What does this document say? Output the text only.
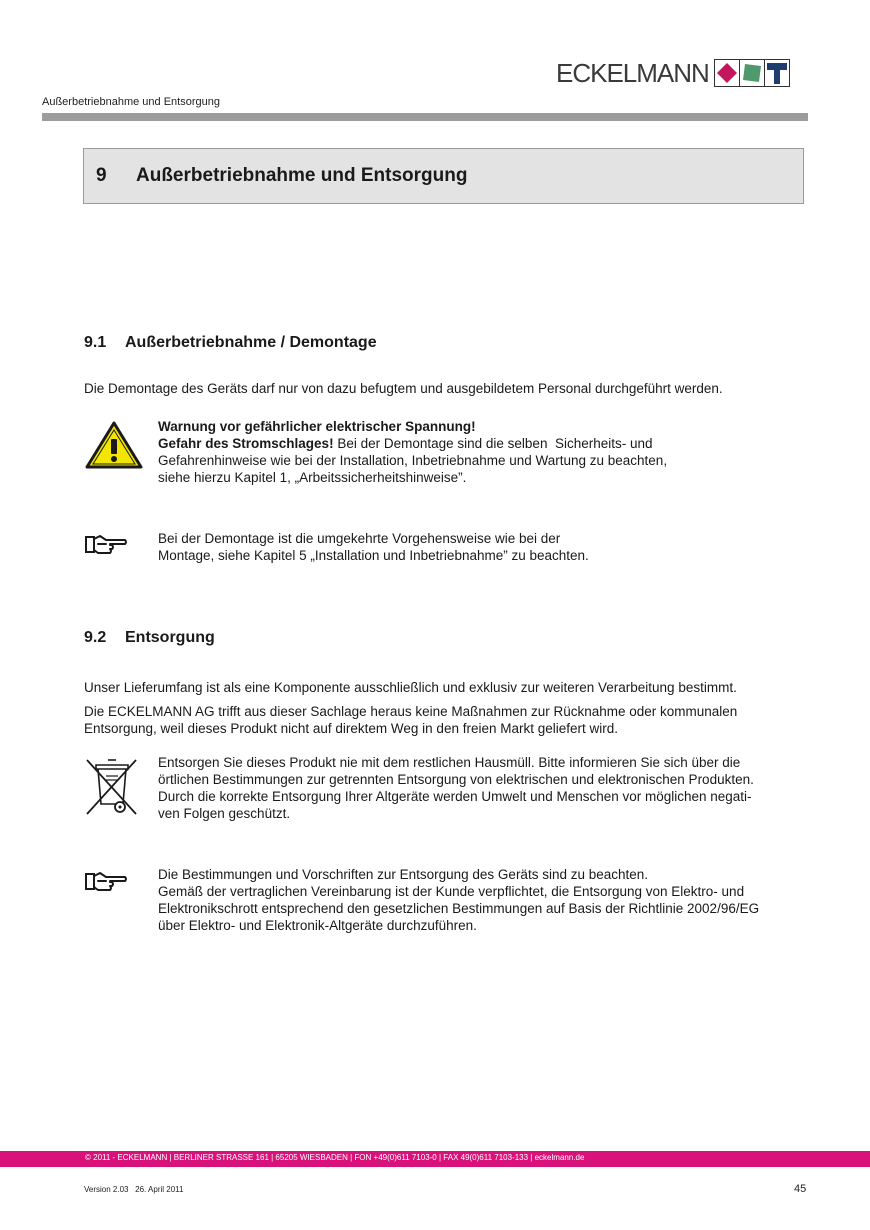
ECKELMANN
Außerbetriebnahme und Entsorgung
9 Außerbetriebnahme und Entsorgung
9.1 Außerbetriebnahme / Demontage
Die Demontage des Geräts darf nur von dazu befugtem und ausgebildetem Personal durchgeführt werden.
Warnung vor gefährlicher elektrischer Spannung!
Gefahr des Stromschlages! Bei der Demontage sind die selben  Sicherheits- und
Gefahrenhinweise wie bei der Installation, Inbetriebnahme und Wartung zu beachten,
siehe hierzu Kapitel 1, „Arbeitssicherheitshinweise”.
Bei der Demontage ist die umgekehrte Vorgehensweise wie bei der
Montage, siehe Kapitel 5 „Installation und Inbetriebnahme” zu beachten.
9.2 Entsorgung
Unser Lieferumfang ist als eine Komponente ausschließlich und exklusiv zur weiteren Verarbeitung bestimmt.
Die ECKELMANN AG trifft aus dieser Sachlage heraus keine Maßnahmen zur Rücknahme oder kommunalen
Entsorgung, weil dieses Produkt nicht auf direktem Weg in den freien Markt geliefert wird.
Entsorgen Sie dieses Produkt nie mit dem restlichen Hausmüll. Bitte informieren Sie sich über die
örtlichen Bestimmungen zur getrennten Entsorgung von elektrischen und elektronischen Produkten.
Durch die korrekte Entsorgung Ihrer Altgeräte werden Umwelt und Menschen vor möglichen negati-
ven Folgen geschützt.
Die Bestimmungen und Vorschriften zur Entsorgung des Geräts sind zu beachten.
Gemäß der vertraglichen Vereinbarung ist der Kunde verpflichtet, die Entsorgung von Elektro- und
Elektronikschrott entsprechend den gesetzlichen Bestimmungen auf Basis der Richtlinie 2002/96/EG
über Elektro- und Elektronik-Altgeräte durchzuführen.
© 2011 - ECKELMANN | BERLINER STRASSE 161 | 65205 WIESBADEN | FON +49(0)611 7103-0 | FAX 49(0)611 7103-133 | eckelmann.de
Version 2.03   26. April 2011	45
